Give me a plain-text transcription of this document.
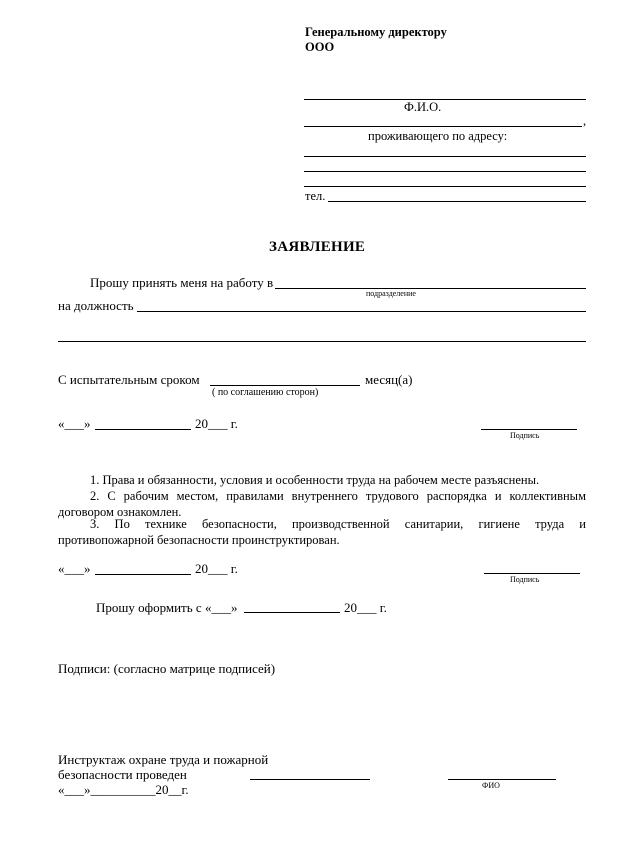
Генеральному директору
ООО
Ф.И.О.
,
проживающего по адресу:
тел.
ЗАЯВЛЕНИЕ
Прошу принять меня на работу в
подразделение
на должность
С испытательным сроком	месяц(а)
( по соглашению сторон)
«___»	20___ г.
Подпись
1. Права и обязанности, условия и особенности труда на рабочем месте разъяснены.
2. С рабочим местом, правилами внутреннего трудового распорядка и коллективным договором ознакомлен.
3. По технике безопасности, производственной санитарии, гигиене труда и противопожарной безопасности проинструктирован.
«___»	20___ г.
Подпись
Прошу оформить с «___»	20___ г.
Подписи: (согласно матрице подписей)
Инструктаж охране труда и пожарной
безопасности проведен
ФИО
«___»__________20__г.
